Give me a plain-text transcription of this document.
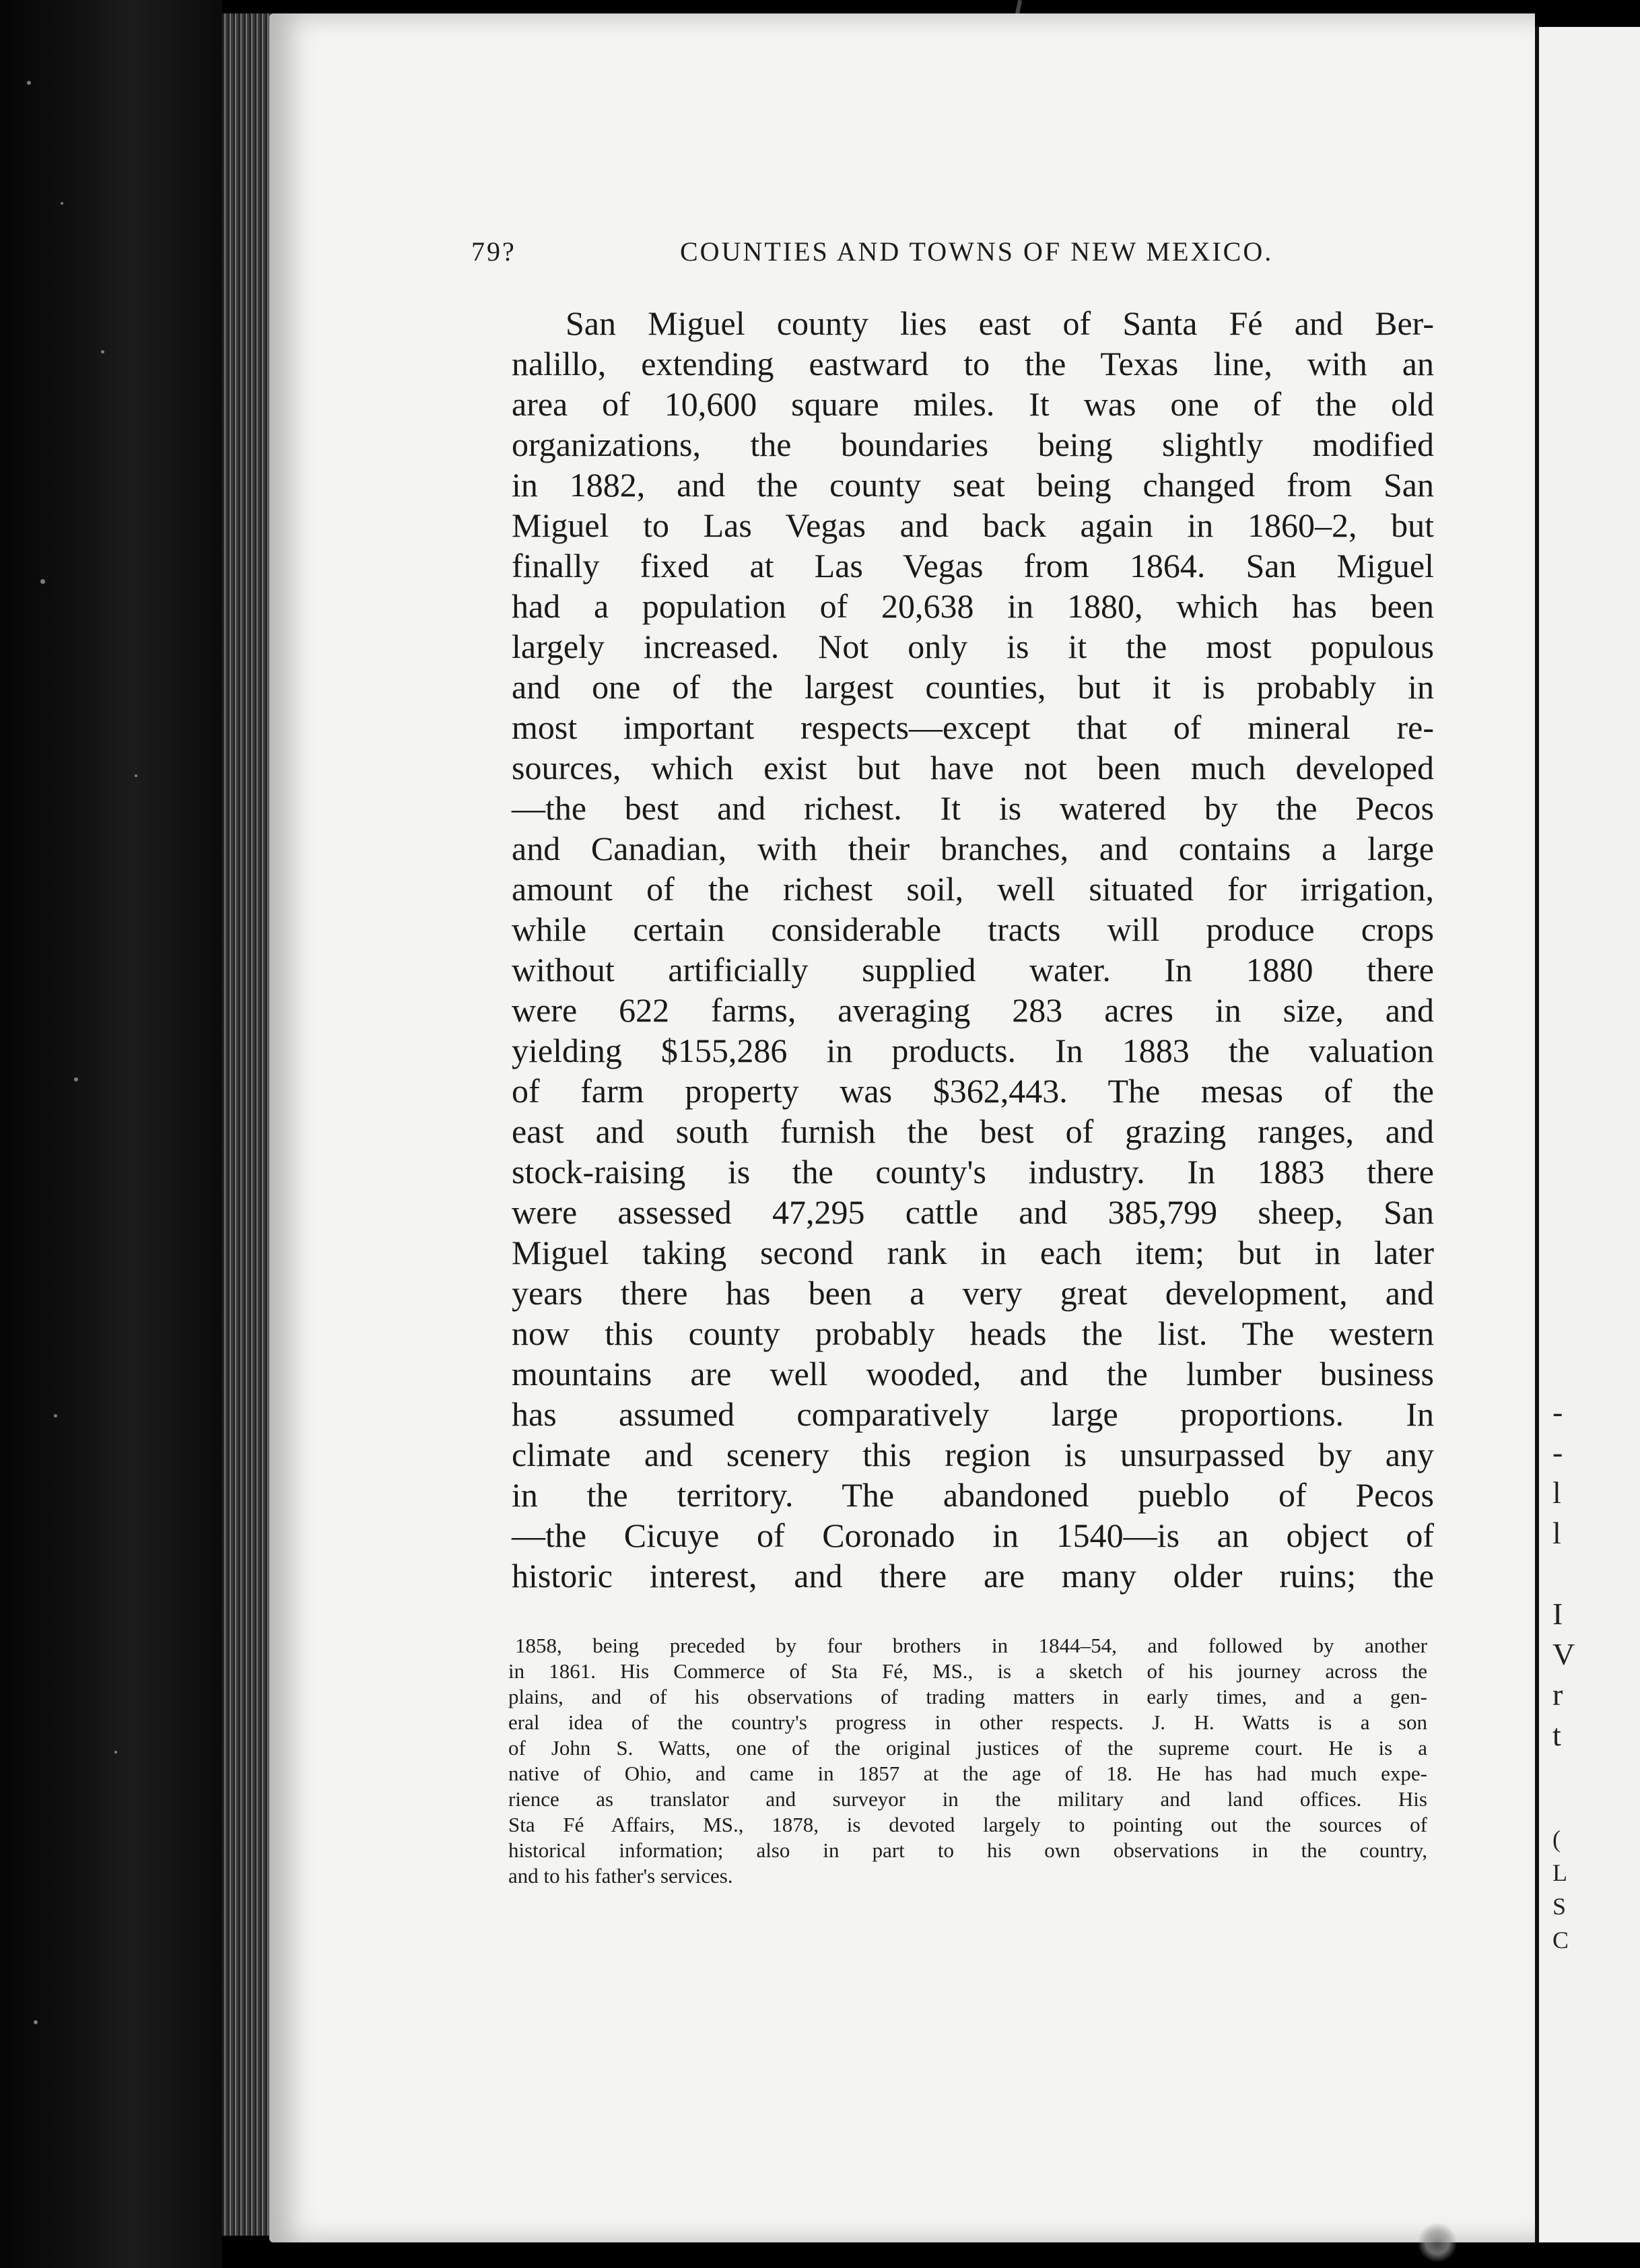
-
-
l
l
I
V
r
t
(
L
S
C
79?	COUNTIES AND TOWNS OF NEW MEXICO.
San Miguel county lies east of Santa Fé and Ber-
nalillo, extending eastward to the Texas line, with an
area of 10,600 square miles. It was one of the old
organizations, the boundaries being slightly modified
in 1882, and the county seat being changed from San
Miguel to Las Vegas and back again in 1860–2, but
finally fixed at Las Vegas from 1864. San Miguel
had a population of 20,638 in 1880, which has been
largely increased. Not only is it the most populous
and one of the largest counties, but it is probably in
most important respects—except that of mineral re-
sources, which exist but have not been much developed
—the best and richest. It is watered by the Pecos
and Canadian, with their branches, and contains a large
amount of the richest soil, well situated for irrigation,
while certain considerable tracts will produce crops
without artificially supplied water. In 1880 there
were 622 farms, averaging 283 acres in size, and
yielding $155,286 in products. In 1883 the valuation
of farm property was $362,443. The mesas of the
east and south furnish the best of grazing ranges, and
stock-raising is the county's industry. In 1883 there
were assessed 47,295 cattle and 385,799 sheep, San
Miguel taking second rank in each item; but in later
years there has been a very great development, and
now this county probably heads the list. The western
mountains are well wooded, and the lumber business
has assumed comparatively large proportions. In
climate and scenery this region is unsurpassed by any
in the territory. The abandoned pueblo of Pecos
—the Cicuye of Coronado in 1540—is an object of
historic interest, and there are many older ruins; the
1858, being preceded by four brothers in 1844–54, and followed by another
in 1861. His Commerce of Sta Fé, MS., is a sketch of his journey across the
plains, and of his observations of trading matters in early times, and a gen-
eral idea of the country's progress in other respects. J. H. Watts is a son
of John S. Watts, one of the original justices of the supreme court. He is a
native of Ohio, and came in 1857 at the age of 18. He has had much expe-
rience as translator and surveyor in the military and land offices. His
Sta Fé Affairs, MS., 1878, is devoted largely to pointing out the sources of
historical information; also in part to his own observations in the country,
and to his father's services.
